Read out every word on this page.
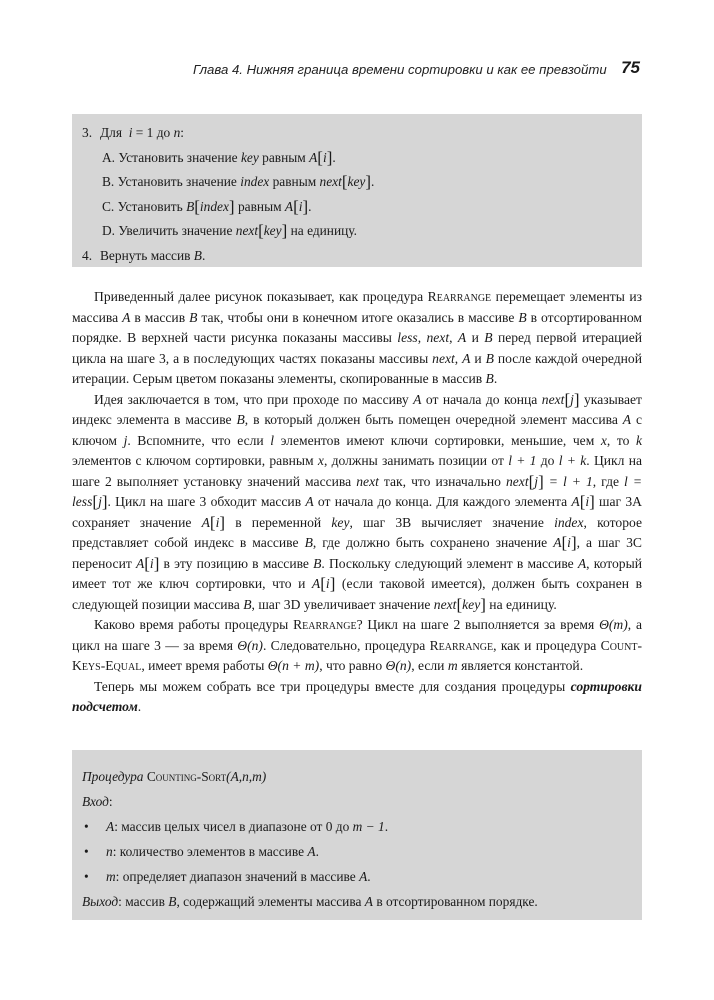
Глава 4. Нижняя граница времени сортировки и как ее превзойти 75
3. Для i = 1 до n:
A. Установить значение key равным A[i].
B. Установить значение index равным next[key].
C. Установить B[index] равным A[i].
D. Увеличить значение next[key] на единицу.
4. Вернуть массив B.

Приведенный далее рисунок показывает, как процедура Rearrange перемещает элементы из массива A в массив B так, чтобы они в конечном итоге оказались в массиве B в отсортированном порядке. В верхней части рисунка показаны массивы less, next, A и B перед первой итерацией цикла на шаге 3, а в последующих частях показаны массивы next, A и B после каждой очередной итерации. Серым цветом показаны элементы, скопированные в массив B.

Идея заключается в том, что при проходе по массиву A от начала до конца next[j] указывает индекс элемента в массиве B, в который должен быть помещен очередной элемент массива A с ключом j. Вспомните, что если l элементов имеют ключи сортировки, меньшие, чем x, то k элементов с ключом сортировки, равным x, должны занимать позиции от l + 1 до l + k. Цикл на шаге 2 выполняет установку значений массива next так, что изначально next[j] = l + 1, где l = less[j]. Цикл на шаге 3 обходит массив A от начала до конца. Для каждого элемента A[i] шаг 3A сохраняет значение A[i] в переменной key, шаг 3B вычисляет значение index, которое представляет собой индекс в массиве B, где должно быть сохранено значение A[i], а шаг 3C переносит A[i] в эту позицию в массиве B. Поскольку следующий элемент в массиве A, который имеет тот же ключ сортировки, что и A[i] (если таковой имеется), должен быть сохранен в следующей позиции массива B, шаг 3D увеличивает значение next[key] на единицу.

Каково время работы процедуры Rearrange? Цикл на шаге 2 выполняется за время Θ(m), а цикл на шаге 3 — за время Θ(n). Следовательно, процедура Rearrange, как и процедура Count-Keys-Equal, имеет время работы Θ(n + m), что равно Θ(n), если m является константой.

Теперь мы можем собрать все три процедуры вместе для создания процедуры сортировки подсчетом.

Процедура Counting-Sort(A,n,m)
Вход:
• A: массив целых чисел в диапазоне от 0 до m − 1.
• n: количество элементов в массиве A.
• m: определяет диапазон значений в массиве A.
Выход: массив B, содержащий элементы массива A в отсортированном порядке.
